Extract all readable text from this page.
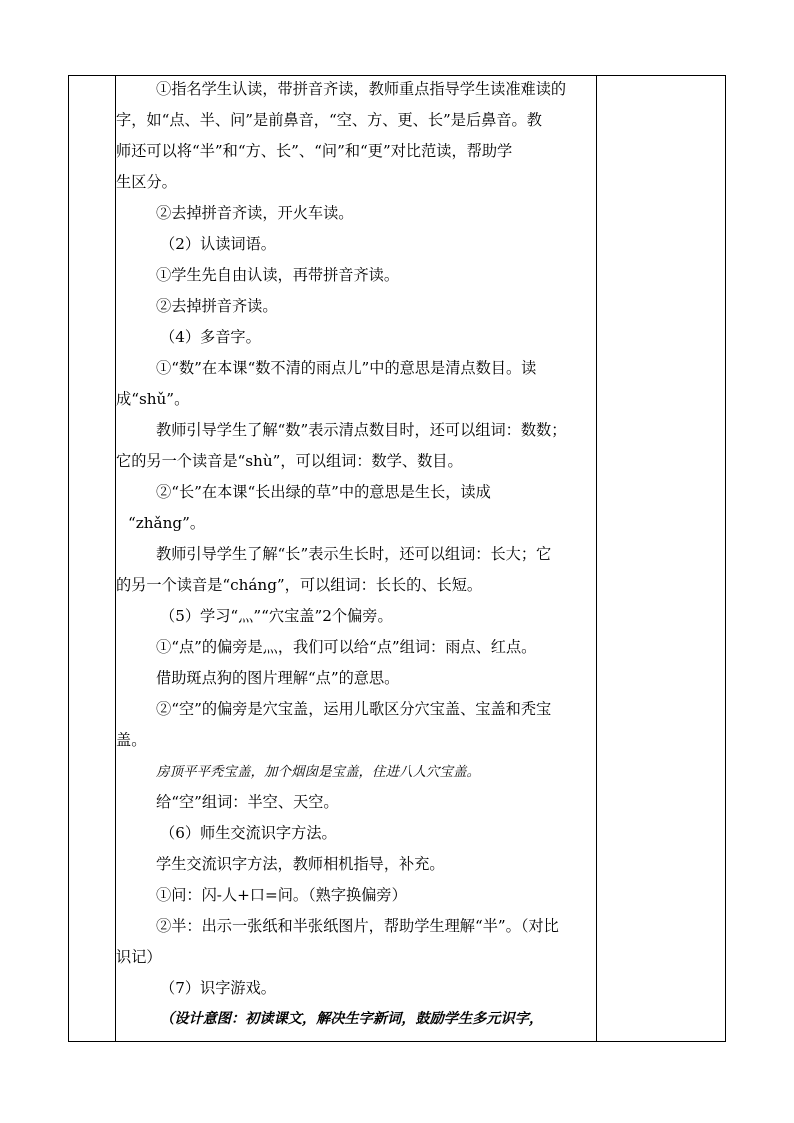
①指名学生认读，带拼音齐读，教师重点指导学生读准难读的
字，如“点、半、问”是前鼻音，“空、方、更、长”是后鼻音。教
师还可以将“半”和“方、长”、“问”和“更”对比范读，帮助学
生区分。
②去掉拼音齐读，开火车读。
（2）认读词语。
①学生先自由认读，再带拼音齐读。
②去掉拼音齐读。
（4）多音字。
①“数”在本课“数不清的雨点儿”中的意思是清点数目。读
成“shǔ”。
教师引导学生了解“数”表示清点数目时，还可以组词：数数；
它的另一个读音是“shù”，可以组词：数学、数目。
②“长”在本课“长出绿的草”中的意思是生长，读成
“zhǎng”。
教师引导学生了解“长”表示生长时，还可以组词：长大；它
的另一个读音是“cháng”，可以组词：长长的、长短。
（5）学习“灬”“穴宝盖”2个偏旁。
①“点”的偏旁是灬，我们可以给“点”组词：雨点、红点。
借助斑点狗的图片理解“点”的意思。
②“空”的偏旁是穴宝盖，运用儿歌区分穴宝盖、宝盖和秃宝
盖。
房顶平平秃宝盖，加个烟囱是宝盖，住进八人穴宝盖。
给“空”组词：半空、天空。
（6）师生交流识字方法。
学生交流识字方法，教师相机指导，补充。
①问：闪-人+口=问。（熟字换偏旁）
②半：出示一张纸和半张纸图片，帮助学生理解“半”。（对比
识记）
（7）识字游戏。
（设计意图：初读课文，解决生字新词，鼓励学生多元识字，
